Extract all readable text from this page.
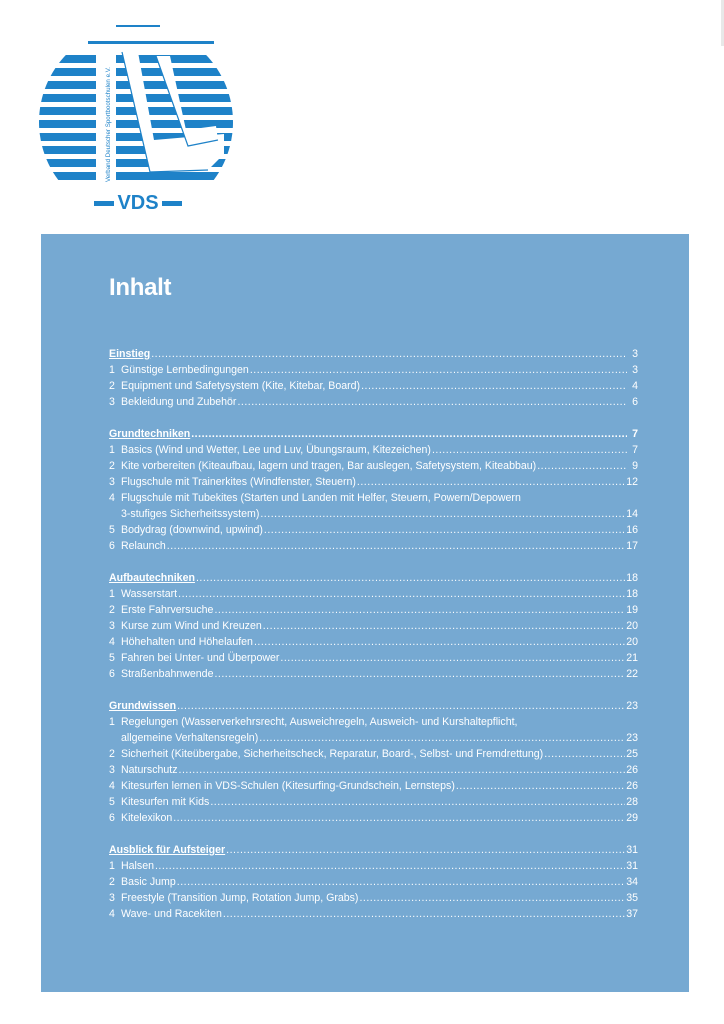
Verband Deutscher Sportbootschulen e.V.
VDS
Inhalt
Einstieg .....	3
1 Günstige Lernbedingungen .....	3
2 Equipment und Safetysystem (Kite, Kitebar, Board) .....	4
3 Bekleidung und Zubehör .....	6
Grundtechniken .....	7
1 Basics (Wind und Wetter, Lee und Luv, Übungsraum, Kitezeichen) .....	7
2 Kite vorbereiten (Kiteaufbau, lagern und tragen, Bar auslegen, Safetysystem, Kiteabbau) .....	9
3 Flugschule mit Trainerkites (Windfenster, Steuern) .....	12
4 Flugschule mit Tubekites (Starten und Landen mit Helfer, Steuern, Powern/Depowern
3-stufiges Sicherheitssystem) .....	14
5 Bodydrag (downwind, upwind) .....	16
6 Relaunch .....	17
Aufbautechniken .....	18
1 Wasserstart .....	18
2 Erste Fahrversuche .....	19
3 Kurse zum Wind und Kreuzen .....	20
4 Höhehalten und Höhelaufen .....	20
5 Fahren bei Unter- und Überpower .....	21
6 Straßenbahnwende .....	22
Grundwissen .....	23
1 Regelungen (Wasserverkehrsrecht, Ausweichregeln, Ausweich- und Kurshaltepflicht,
allgemeine Verhaltensregeln) .....	23
2 Sicherheit (Kiteübergabe, Sicherheitscheck, Reparatur, Board-, Selbst- und Fremdrettung) .....	25
3 Naturschutz .....	26
4 Kitesurfen lernen in VDS-Schulen (Kitesurfing-Grundschein, Lernsteps) .....	26
5 Kitesurfen mit Kids .....	28
6 Kitelexikon .....	29
Ausblick für Aufsteiger .....	31
1 Halsen .....	31
2 Basic Jump .....	34
3 Freestyle (Transition Jump, Rotation Jump, Grabs) .....	35
4 Wave- und Racekiten .....	37
